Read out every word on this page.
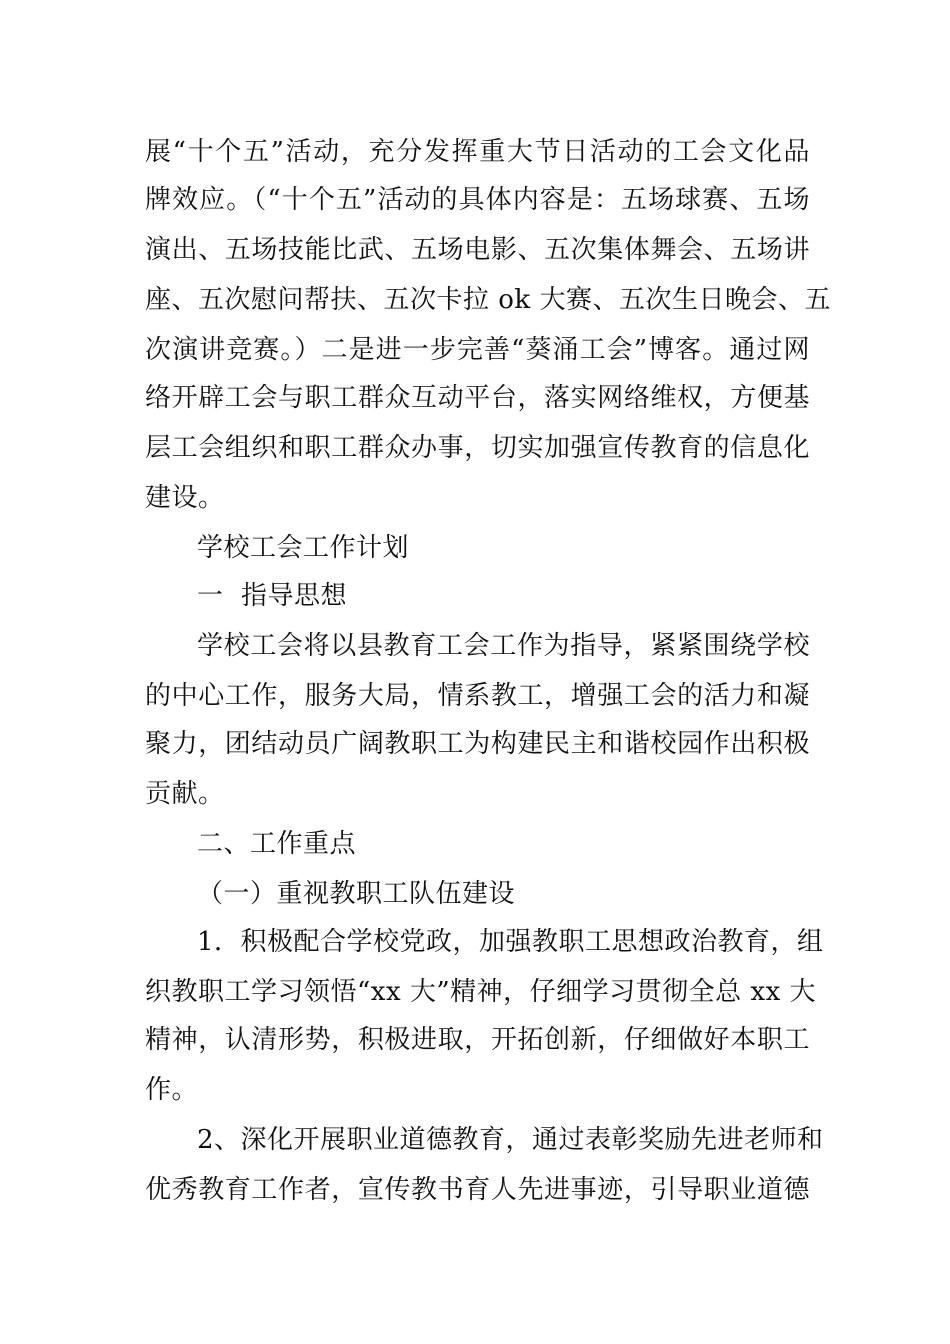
展“十个五”活动，充分发挥重大节日活动的工会文化品
牌效应。（“十个五”活动的具体内容是：五场球赛、五场
演出、五场技能比武、五场电影、五次集体舞会、五场讲
座、五次慰问帮扶、五次卡拉 ok 大赛、五次生日晚会、五
次演讲竞赛。）二是进一步完善“葵涌工会”博客。通过网
络开辟工会与职工群众互动平台，落实网络维权，方便基
层工会组织和职工群众办事，切实加强宣传教育的信息化
建设。
学校工会工作计划
一  指导思想
学校工会将以县教育工会工作为指导，紧紧围绕学校
的中心工作，服务大局，情系教工，增强工会的活力和凝
聚力，团结动员广阔教职工为构建民主和谐校园作出积极
贡献。
二、工作重点
（一）重视教职工队伍建设
1．积极配合学校党政，加强教职工思想政治教育，组
织教职工学习领悟“xx 大”精神，仔细学习贯彻全总 xx 大
精神，认清形势，积极进取，开拓创新，仔细做好本职工
作。
2、深化开展职业道德教育，通过表彰奖励先进老师和
优秀教育工作者，宣传教书育人先进事迹，引导职业道德
